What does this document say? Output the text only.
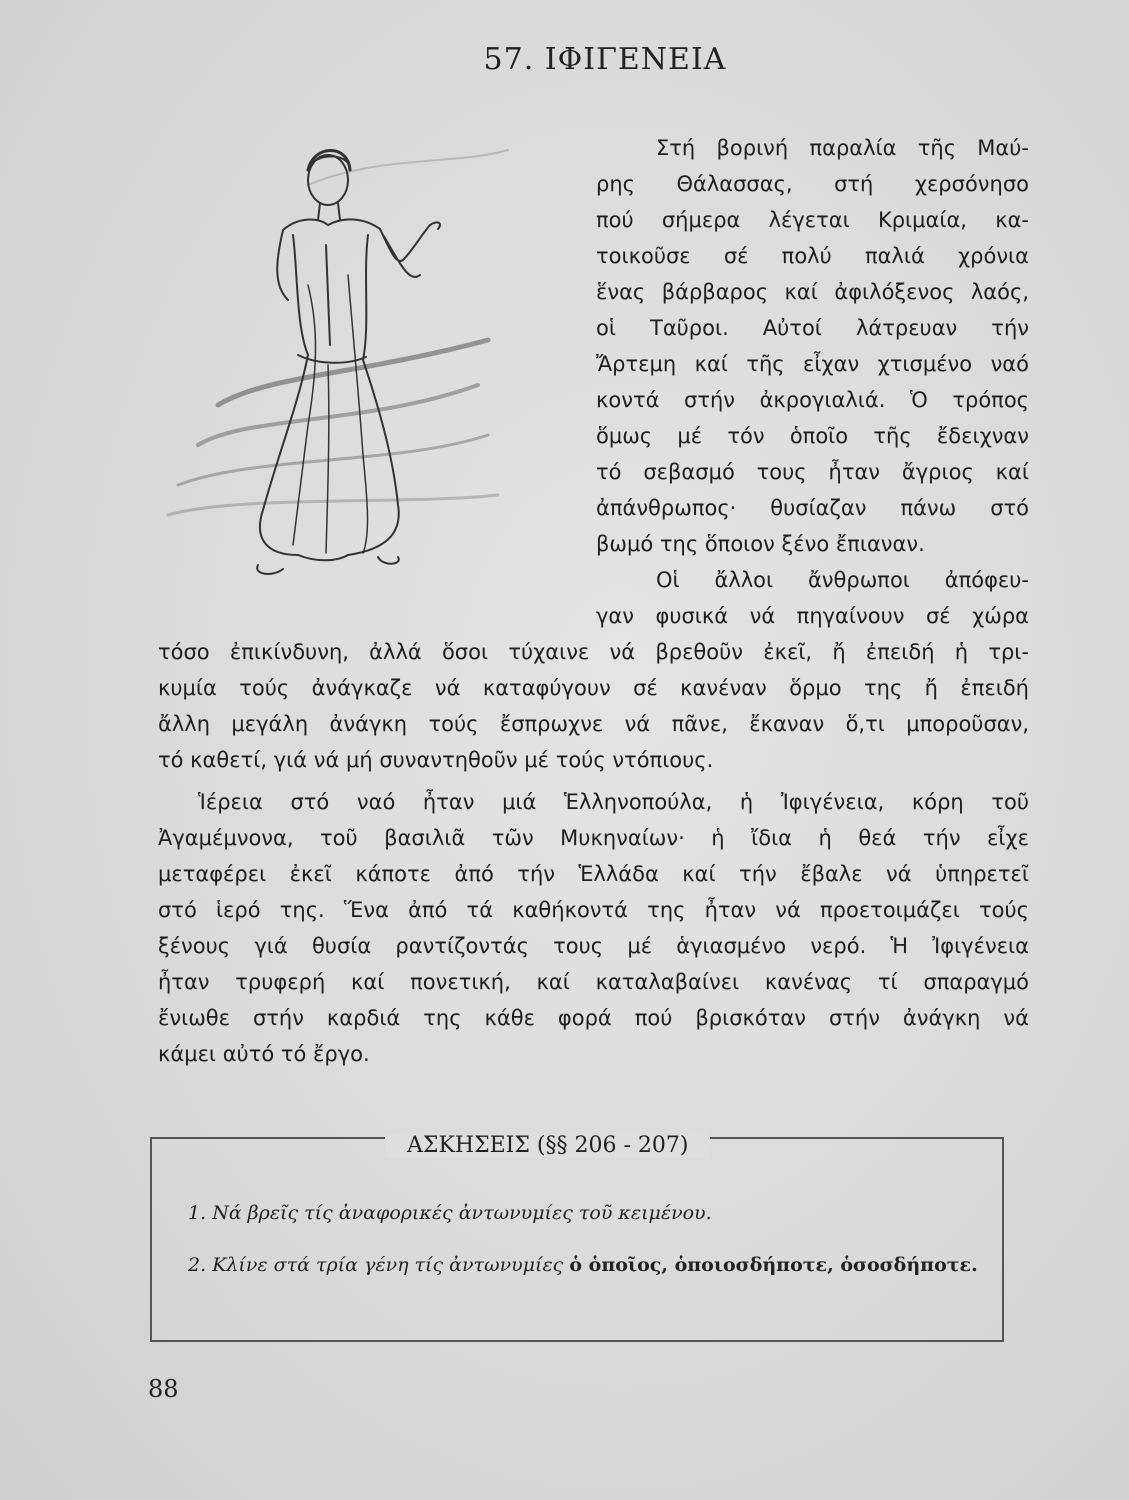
57. ΙΦΙΓΕΝΕΙΑ
Στή βορινή παραλία τῆς Μαύ-
ρης Θάλασσας, στή χερσόνησο
πού σήμερα λέγεται Κριμαία, κα-
τοικοῦσε σέ πολύ παλιά χρόνια
ἕνας βάρβαρος καί ἀφιλόξενος λαός,
οἱ Ταῦροι. Αὐτοί λάτρευαν τήν
Ἄρτεμη καί τῆς εἶχαν χτισμένο ναό
κοντά στήν ἀκρογιαλιά. Ὁ τρόπος
ὅμως μέ τόν ὁποῖο τῆς ἔδειχναν
τό σεβασμό τους ἦταν ἄγριος καί
ἀπάνθρωπος· θυσίαζαν πάνω στό
βωμό της ὅποιον ξένο ἔπιαναν.
Οἱ ἄλλοι ἄνθρωποι ἀπόφευ-
γαν φυσικά νά πηγαίνουν σέ χώρα
τόσο ἐπικίνδυνη, ἀλλά ὅσοι τύχαινε νά βρεθοῦν ἐκεῖ, ἤ ἐπειδή ἡ τρι-
κυμία τούς ἀνάγκαζε νά καταφύγουν σέ κανέναν ὅρμο της ἤ ἐπειδή
ἄλλη μεγάλη ἀνάγκη τούς ἔσπρωχνε νά πᾶνε, ἔκαναν ὅ,τι μποροῦσαν,
τό καθετί, γιά νά μή συναντηθοῦν μέ τούς ντόπιους.
Ἱέρεια στό ναό ἦταν μιά Ἑλληνοπούλα, ἡ Ἰφιγένεια, κόρη τοῦ
Ἀγαμέμνονα, τοῦ βασιλιᾶ τῶν Μυκηναίων· ἡ ἴδια ἡ θεά τήν εἶχε
μεταφέρει ἐκεῖ κάποτε ἀπό τήν Ἑλλάδα καί τήν ἔβαλε νά ὑπηρετεῖ
στό ἱερό της. Ἕνα ἀπό τά καθήκοντά της ἦταν νά προετοιμάζει τούς
ξένους γιά θυσία ραντίζοντάς τους μέ ἁγιασμένο νερό. Ἡ Ἰφιγένεια
ἦταν τρυφερή καί πονετική, καί καταλαβαίνει κανένας τί σπαραγμό
ἔνιωθε στήν καρδιά της κάθε φορά πού βρισκόταν στήν ἀνάγκη νά
κάμει αὐτό τό ἔργο.
ΑΣΚΗΣΕΙΣ (§§ 206 - 207)
1. Νά βρεῖς τίς ἀναφορικές ἀντωνυμίες τοῦ κειμένου.
2. Κλίνε στά τρία γένη τίς ἀντωνυμίες ὁ ὁποῖος, ὁποιοσδήποτε, ὁσοσδήποτε.
88
